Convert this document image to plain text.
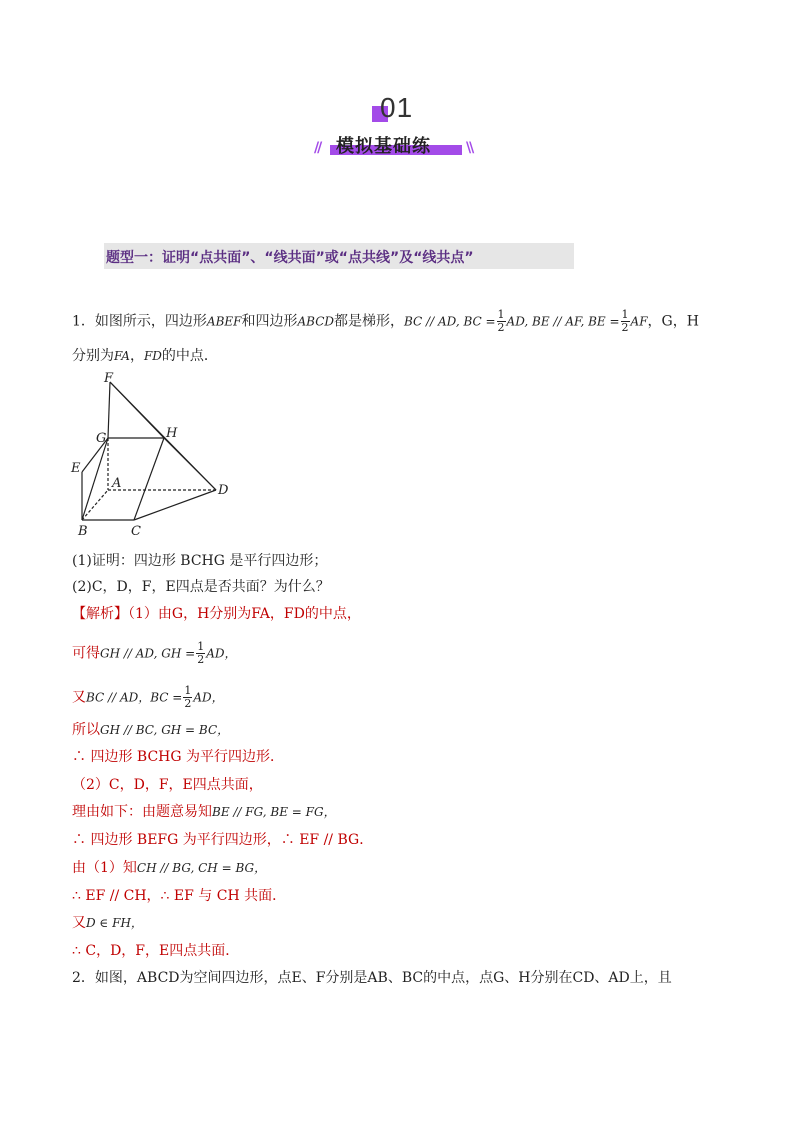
01
模拟基础练
//	\\
题型一：证明“点共面”、“线共面”或“点共线”及“线共点”
1．如图所示，四边形ABEF和四边形ABCD都是梯形，BC // AD, BC = $\frac{1}{2}$ AD, BE // AF, BE = $\frac{1}{2}$ AF，G，H
分别为FA，FD的中点．
F
G	H
E
A	D
B	C
(1)证明：四边形 BCHG 是平行四边形；
(2)C，D，F，E四点是否共面？为什么？
【解析】（1）由G，H分别为FA，FD的中点，
可得GH // AD, GH = $\frac{1}{2}$ AD，
又BC // AD，BC = $\frac{1}{2}$ AD，
所以GH // BC, GH = BC，
∴ 四边形 BCHG 为平行四边形．
（2）C，D，F，E四点共面，
理由如下：由题意易知BE // FG, BE = FG，
∴ 四边形 BEFG 为平行四边形，∴ EF // BG．
由（1）知CH // BG, CH = BG，
∴ EF // CH，∴ EF 与 CH 共面．
又D ∈ FH，
∴ C，D，F，E四点共面．
2．如图，ABCD为空间四边形，点E、F分别是AB、BC的中点，点G、H分别在CD、AD上，且
